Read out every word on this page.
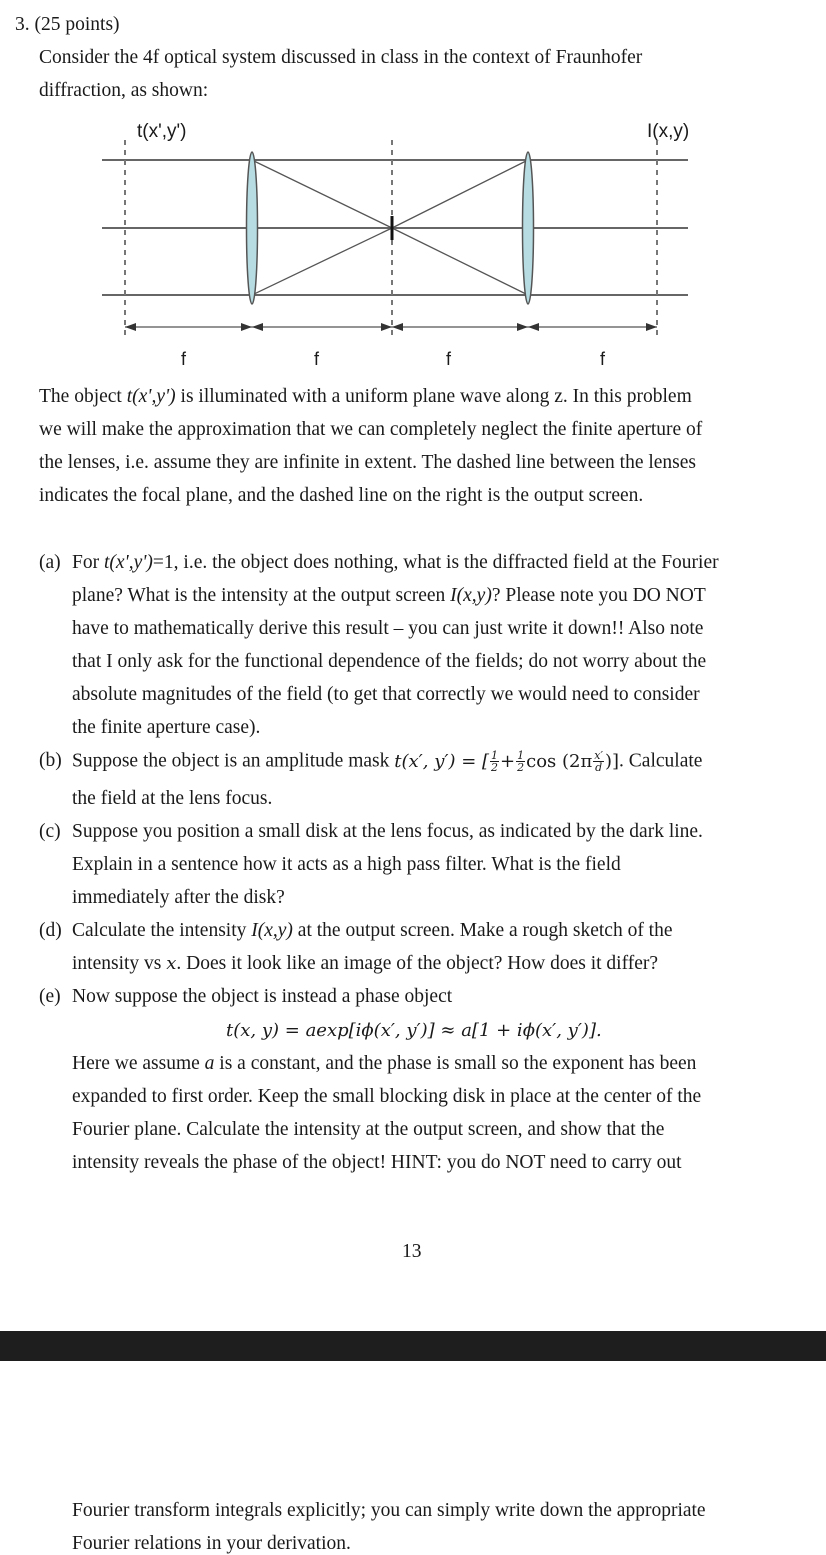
3. (25 points)
Consider the 4f optical system discussed in class in the context of Fraunhofer
diffraction, as shown:
t(x',y')	I(x,y)
f	f	f	f
The object t(x',y') is illuminated with a uniform plane wave along z. In this problem
we will make the approximation that we can completely neglect the finite aperture of
the lenses, i.e. assume they are infinite in extent. The dashed line between the lenses
indicates the focal plane, and the dashed line on the right is the output screen.
(a) For t(x',y')=1, i.e. the object does nothing, what is the diffracted field at the Fourier
plane? What is the intensity at the output screen I(x,y)? Please note you DO NOT
have to mathematically derive this result – you can just write it down!! Also note
that I only ask for the functional dependence of the fields; do not worry about the
absolute magnitudes of the field (to get that correctly we would need to consider
the finite aperture case).
(b) Suppose the object is an amplitude mask t(x′, y′) = [ $\frac{1}{2} + \frac{1}{2}$ $\cos (2\pi \frac{x'}{d}$ )]. Calculate
the field at the lens focus.
(c) Suppose you position a small disk at the lens focus, as indicated by the dark line.
Explain in a sentence how it acts as a high pass filter. What is the field
immediately after the disk?
(d) Calculate the intensity I(x,y) at the output screen. Make a rough sketch of the
intensity vs x. Does it look like an image of the object? How does it differ?
(e) Now suppose the object is instead a phase object
t(x, y) = aexp[iϕ(x′, y′)] ≈ a[1 + iϕ(x′, y′)].
Here we assume a is a constant, and the phase is small so the exponent has been
expanded to first order. Keep the small blocking disk in place at the center of the
Fourier plane. Calculate the intensity at the output screen, and show that the
intensity reveals the phase of the object! HINT: you do NOT need to carry out
13
Fourier transform integrals explicitly; you can simply write down the appropriate
Fourier relations in your derivation.
